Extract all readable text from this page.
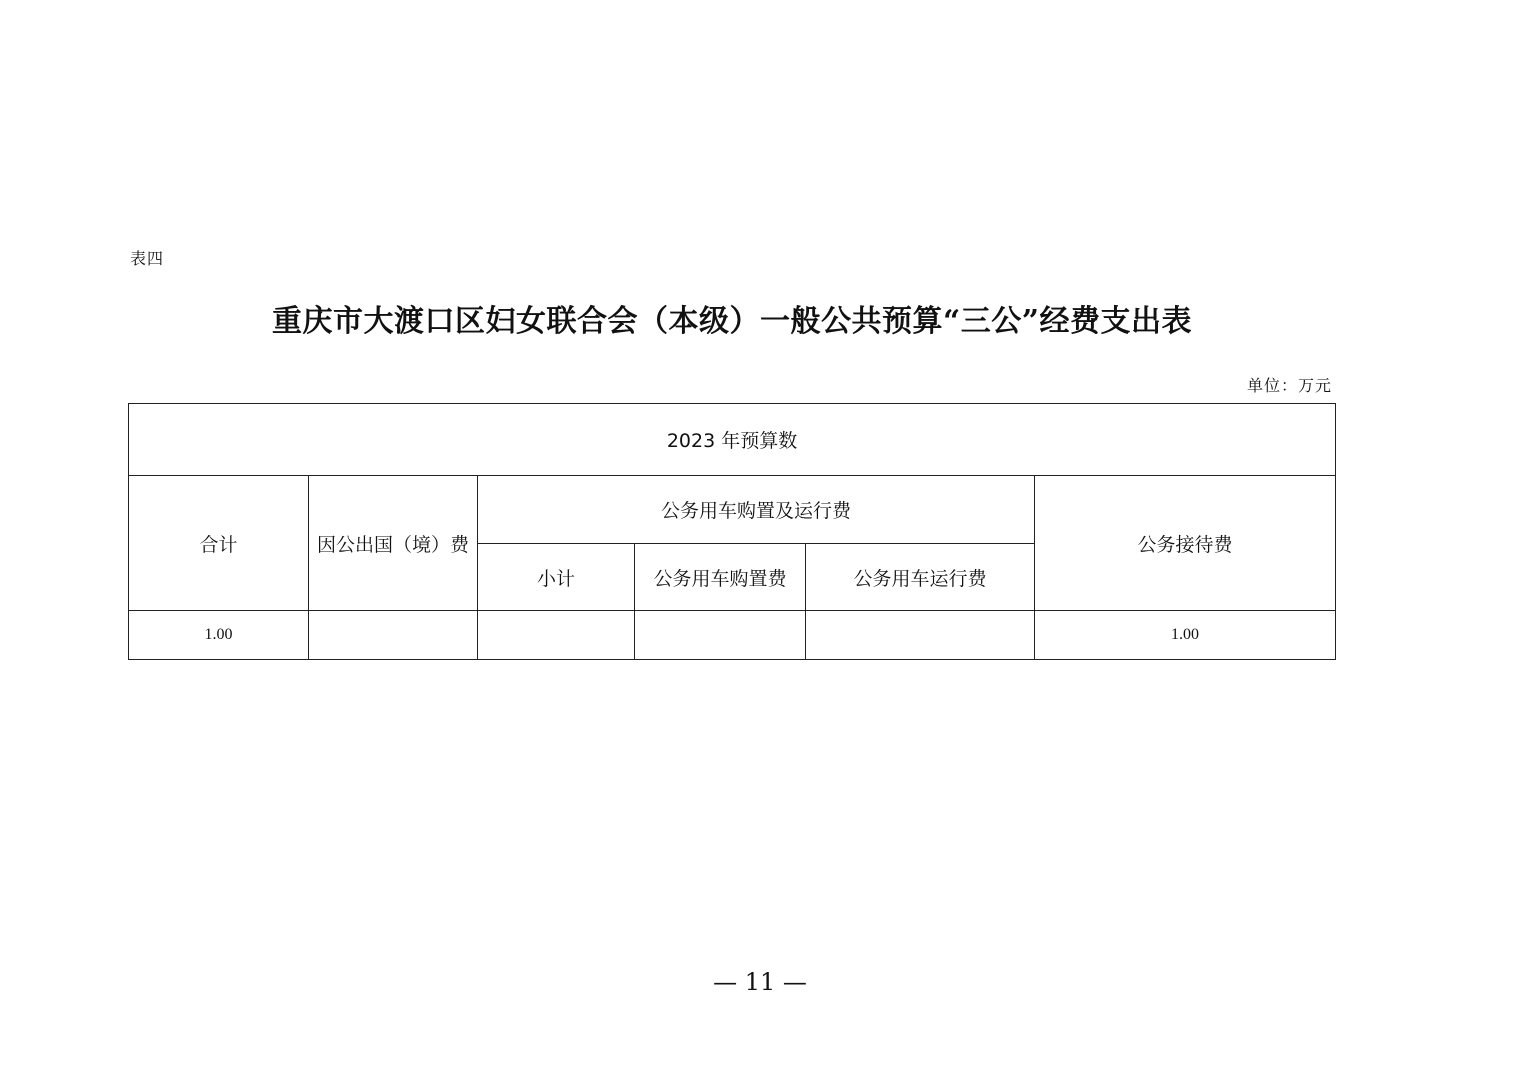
表四
重庆市大渡口区妇女联合会（本级）一般公共预算“三公”经费支出表
单位：万元
2023 年预算数					
合计	因公出国（境）费	公务用车购置及运行费			公务接待费
		小计	公务用车购置费	公务用车运行费	
1.00					1.00
— 11 —
